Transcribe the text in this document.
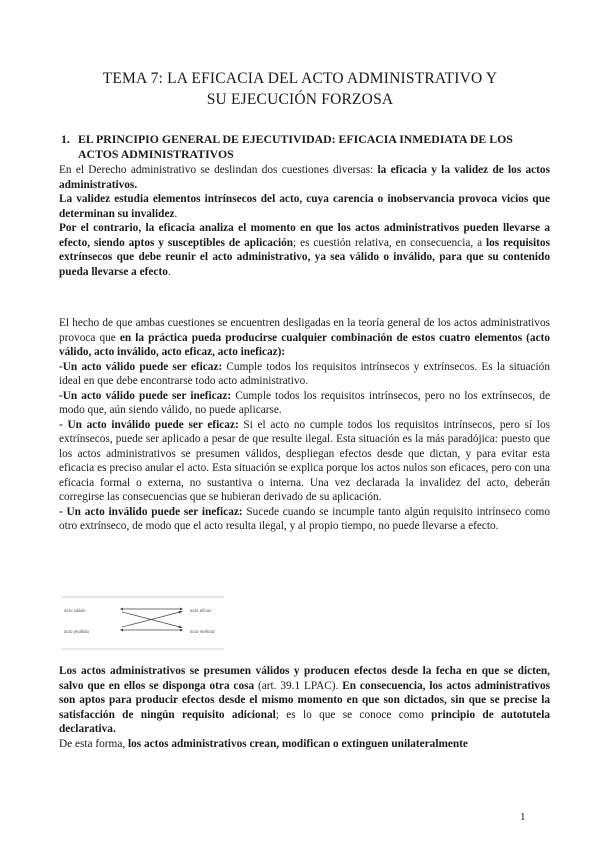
TEMA 7: LA EFICACIA DEL ACTO ADMINISTRATIVO Y
SU EJECUCIÓN FORZOSA
1. EL PRINCIPIO GENERAL DE EJECUTIVIDAD: EFICACIA INMEDIATA DE LOS
ACTOS ADMINISTRATIVOS

En el Derecho administrativo se deslindan dos cuestiones diversas: la eficacia y la validez de los actos administrativos.

La validez estudia elementos intrínsecos del acto, cuya carencia o inobservancia provoca vicios que determinan su invalidez.

Por el contrario, la eficacia analiza el momento en que los actos administrativos pueden llevarse a efecto, siendo aptos y susceptibles de aplicación; es cuestión relativa, en consecuencia, a los requisitos extrínsecos que debe reunir el acto administrativo, ya sea válido o inválido, para que su contenido pueda llevarse a efecto.

El hecho de que ambas cuestiones se encuentren desligadas en la teoría general de los actos administrativos provoca que en la práctica pueda producirse cualquier combinación de estos cuatro elementos (acto válido, acto inválido, acto eficaz, acto ineficaz):

-Un acto válido puede ser eficaz: Cumple todos los requisitos intrínsecos y extrínsecos. Es la situación ideal en que debe encontrarse todo acto administrativo.

-Un acto válido puede ser ineficaz: Cumple todos los requisitos intrínsecos, pero no los extrínsecos, de modo que, aún siendo válido, no puede aplicarse.

- Un acto inválido puede ser eficaz: Si el acto no cumple todos los requisitos intrínsecos, pero sí los extrínsecos, puede ser aplicado a pesar de que resulte ilegal. Esta situación es la más paradójica: puesto que los actos administrativos se presumen válidos, despliegan efectos desde que dictan, y para evitar esta eficacia es preciso anular el acto. Esta situación se explica porque los actos nulos son eficaces, pero con una eficacia formal o externa, no sustantiva o interna. Una vez declarada la invalidez del acto, deberán corregirse las consecuencias que se hubieran derivado de su aplicación.

- Un acto inválido puede ser ineficaz: Sucede cuando se incumple tanto algún requisito intrínseco como otro extrínseco, de modo que el acto resulta ilegal, y al propio tiempo, no puede llevarse a efecto.

acto válido
acto inválido
acto eficaz
acto ineficaz

Los actos administrativos se presumen válidos y producen efectos desde la fecha en que se dicten, salvo que en ellos se disponga otra cosa (art. 39.1 LPAC). En consecuencia, los actos administrativos son aptos para producir efectos desde el mismo momento en que son dictados, sin que se precise la satisfacción de ningún requisito adicional; es lo que se conoce como principio de autotutela declarativa.

De esta forma, los actos administrativos crean, modifican o extinguen unilateralmente

1
